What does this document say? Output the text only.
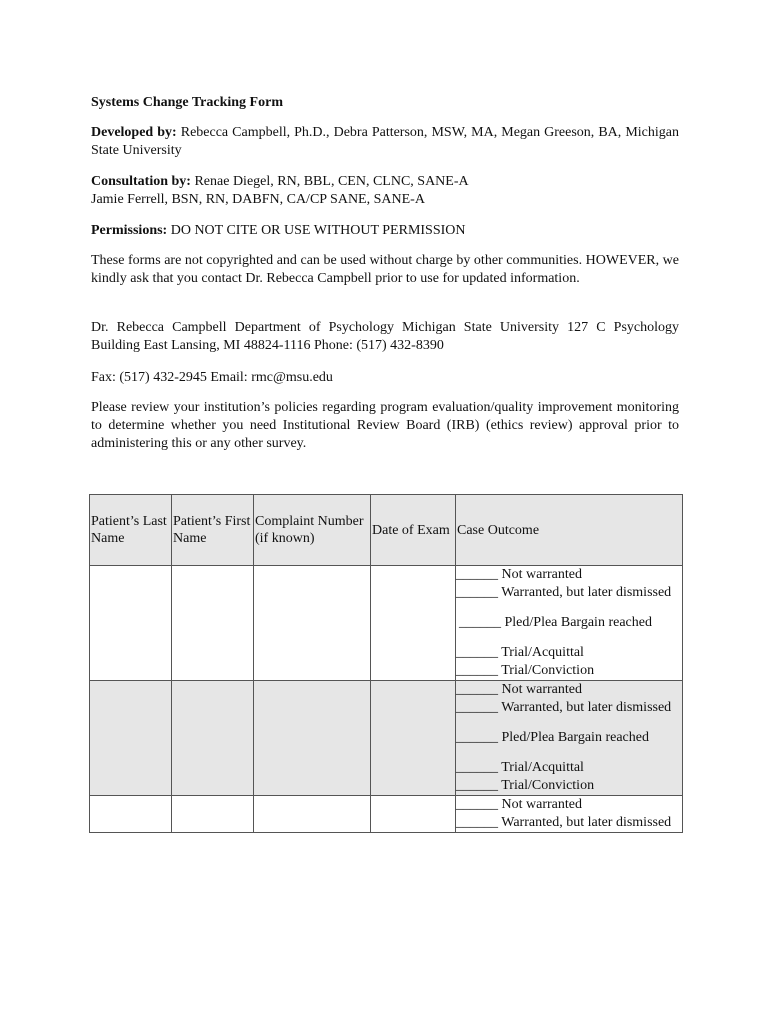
Systems Change Tracking Form
Developed by: Rebecca Campbell, Ph.D., Debra Patterson, MSW, MA, Megan Greeson, BA, Michigan State University

Consultation by: Renae Diegel, RN, BBL, CEN, CLNC, SANE-A

Jamie Ferrell, BSN, RN, DABFN, CA/CP SANE, SANE-A

Permissions: DO NOT CITE OR USE WITHOUT PERMISSION
These forms are not copyrighted and can be used without charge by other communities. HOWEVER, we kindly ask that you contact Dr. Rebecca Campbell prior to use for updated information.
Dr. Rebecca Campbell Department of Psychology Michigan State University 127 C Psychology Building East Lansing, MI 48824-1116 Phone: (517) 432-8390
Fax: (517) 432-2945 Email: rmc@msu.edu
Please review your institution’s policies regarding program evaluation/quality improvement monitoring to determine whether you need Institutional Review Board (IRB) (ethics review) approval prior to administering this or any other survey.
Patient’s Last Name	Patient’s First Name	Complaint Number (if known)	Date of Exam	Case Outcome

				______ Not warranted
______ Warranted, but later dismissed
______ Pled/Plea Bargain reached
______ Trial/Acquittal
______ Trial/Conviction

				______ Not warranted
______ Warranted, but later dismissed
______ Pled/Plea Bargain reached
______ Trial/Acquittal
______ Trial/Conviction

				______ Not warranted
______ Warranted, but later dismissed
